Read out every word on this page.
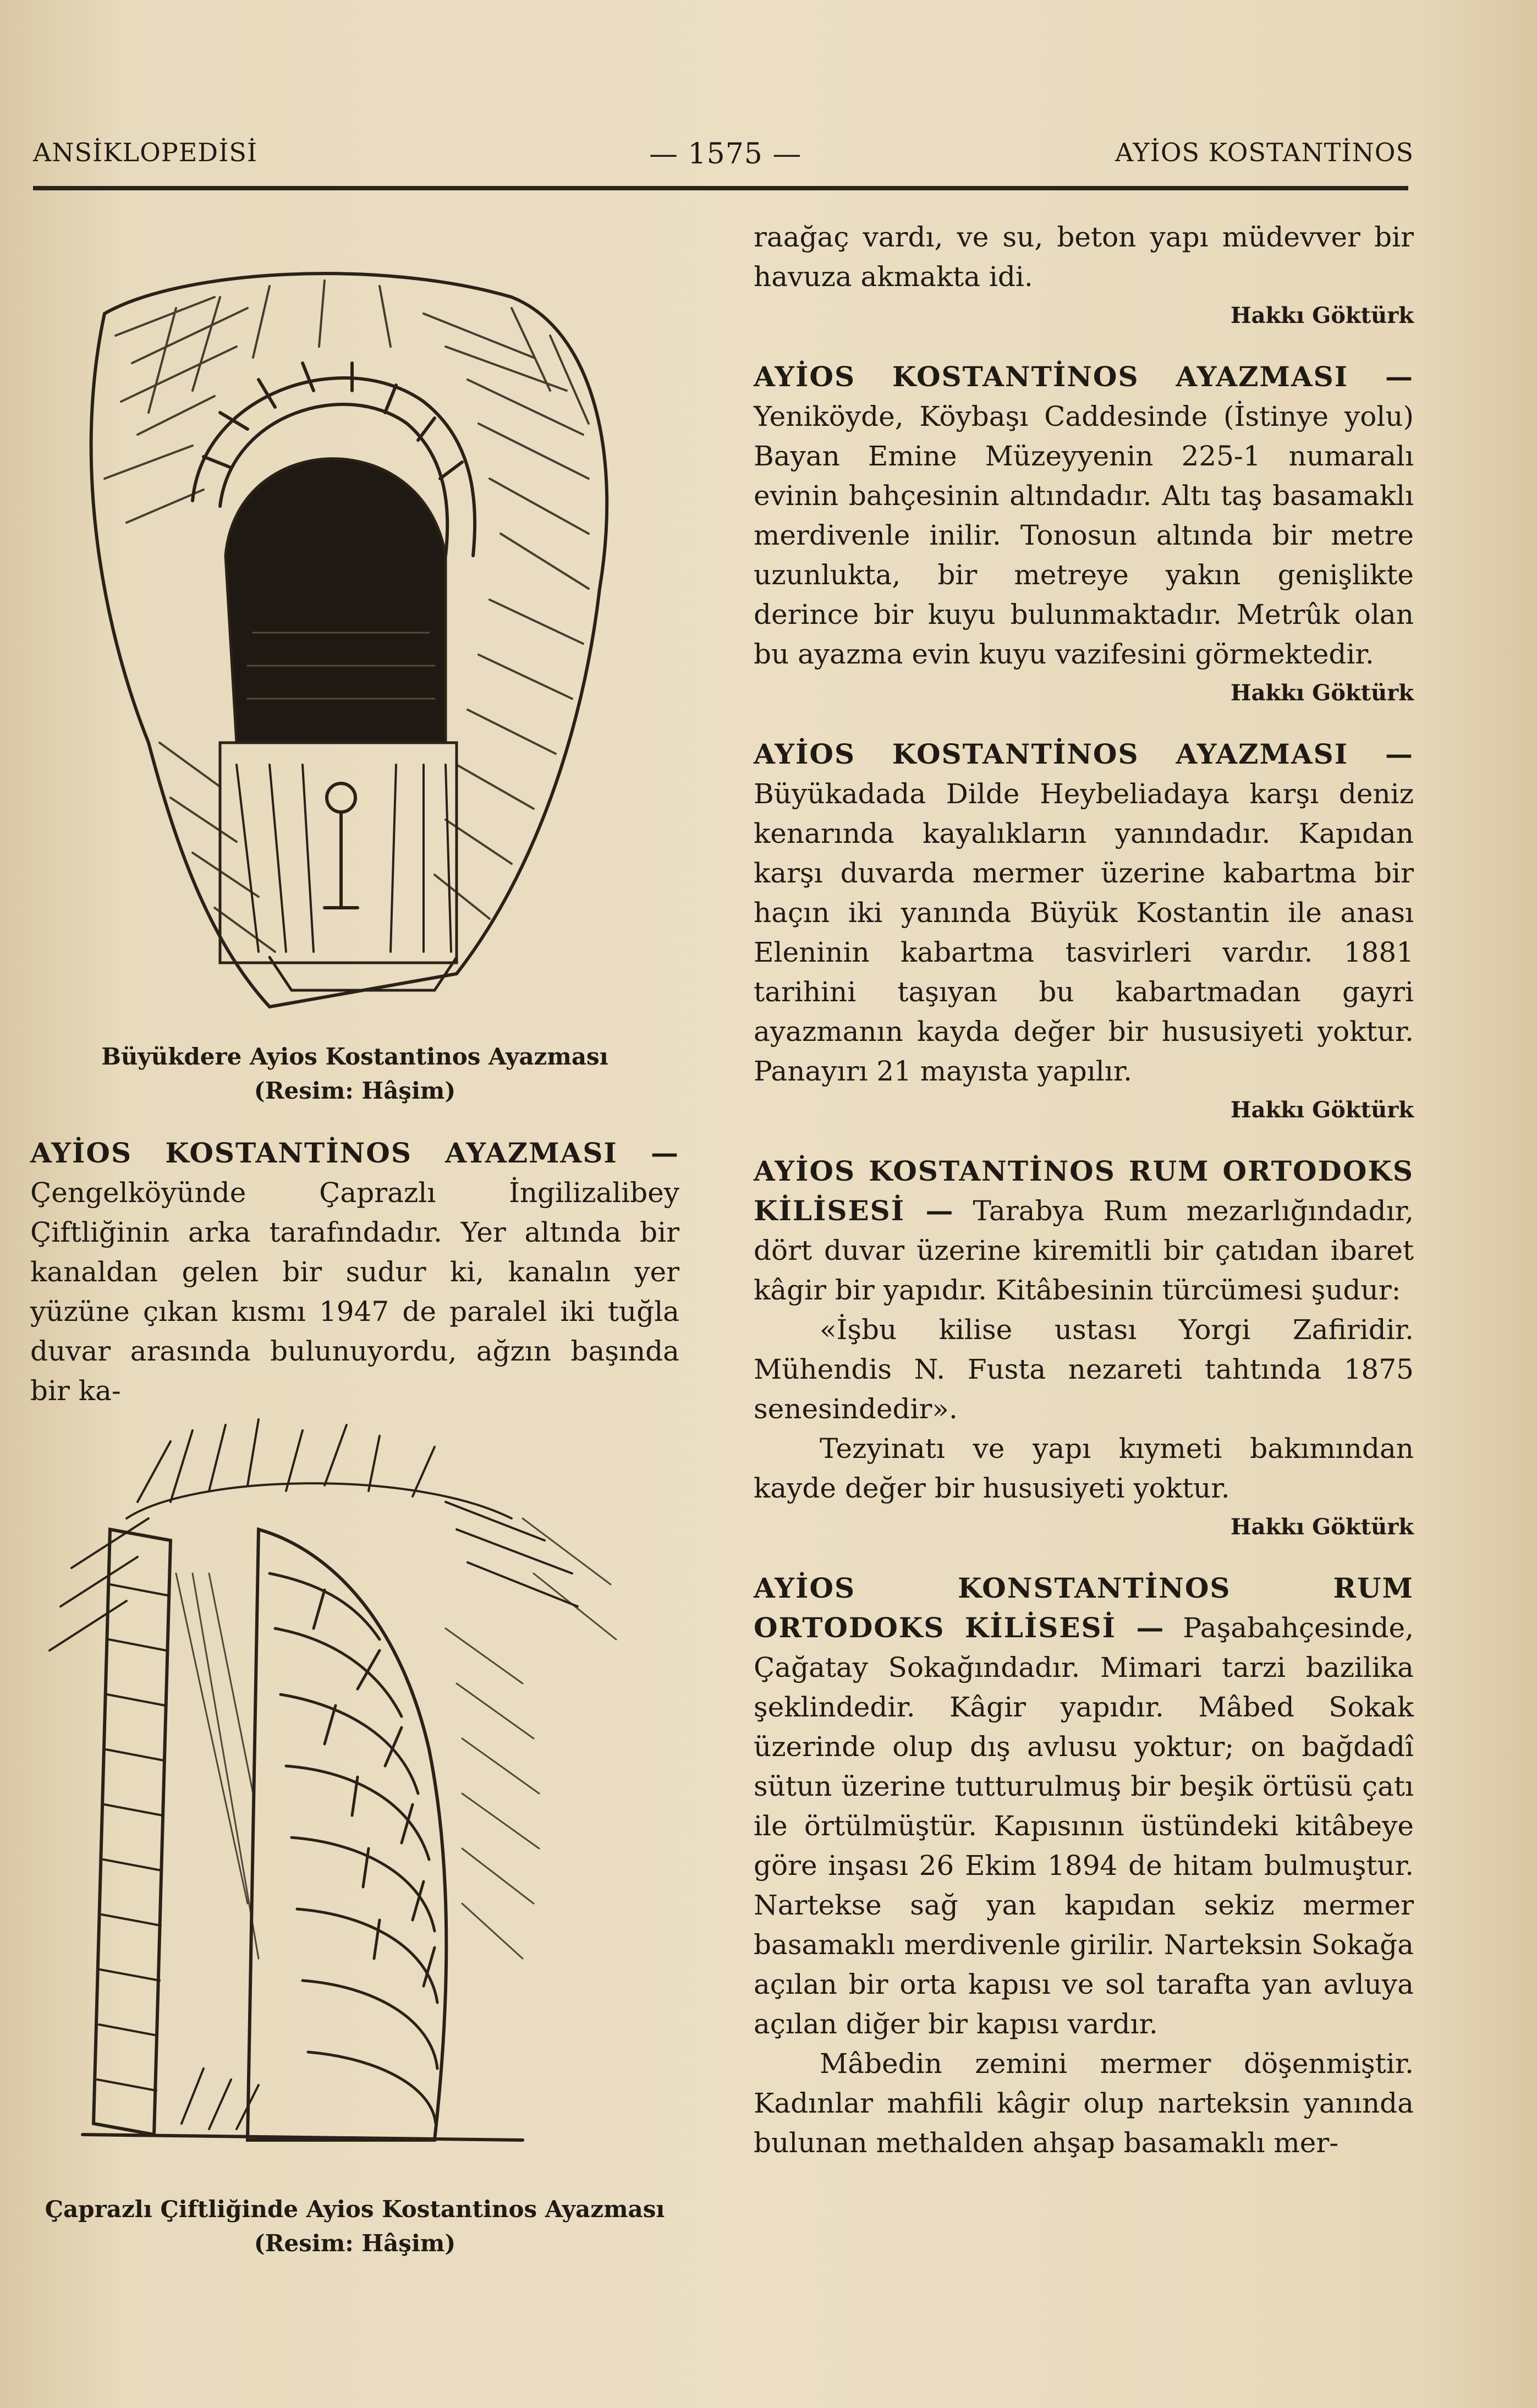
ANSİKLOPEDİSİ	— 1575 —	AYİOS KOSTANTİNOS

Büyükdere Ayios Kostantinos Ayazması
(Resim: Hâşim)

AYİOS KOSTANTİNOS AYAZMASI — Çengelköyünde Çaprazlı İngilizalibey Çiftliğinin arka tarafındadır. Yer altında bir kanaldan gelen bir sudur ki, kanalın yer yüzüne çıkan kısmı 1947 de paralel iki tuğla duvar arasında bulunuyordu, ağzın başında bir ka-

Çaprazlı Çiftliğinde Ayios Kostantinos Ayazması
(Resim: Hâşim)

raağaç vardı, ve su, beton yapı müdevver bir havuza akmakta idi.

Hakkı Göktürk

AYİOS KOSTANTİNOS AYAZMASI — Yeniköyde, Köybaşı Caddesinde (İstinye yolu) Bayan Emine Müzeyyenin 225-1 numaralı evinin bahçesinin altındadır. Altı taş basamaklı merdivenle inilir. Tonosun altında bir metre uzunlukta, bir metreye yakın genişlikte derince bir kuyu bulunmaktadır. Metrûk olan bu ayazma evin kuyu vazifesini görmektedir.

Hakkı Göktürk

AYİOS KOSTANTİNOS AYAZMASI — Büyükadada Dilde Heybeliadaya karşı deniz kenarında kayalıkların yanındadır. Kapıdan karşı duvarda mermer üzerine kabartma bir haçın iki yanında Büyük Kostantin ile anası Eleninin kabartma tasvirleri vardır. 1881 tarihini taşıyan bu kabartmadan gayri ayazmanın kayda değer bir hususiyeti yoktur. Panayırı 21 mayısta yapılır.

Hakkı Göktürk

AYİOS KOSTANTİNOS RUM ORTODOKS KİLİSESİ — Tarabya Rum mezarlığındadır, dört duvar üzerine kiremitli bir çatıdan ibaret kâgir bir yapıdır. Kitâbesinin türcümesi şudur:

«İşbu kilise ustası Yorgi Zafiridir. Mühendis N. Fusta nezareti tahtında 1875 senesindedir».

Tezyinatı ve yapı kıymeti bakımından kayde değer bir hususiyeti yoktur.

Hakkı Göktürk

AYİOS KONSTANTİNOS RUM ORTODOKS KİLİSESİ — Paşabahçesinde, Çağatay Sokağındadır. Mimari tarzi bazilika şeklindedir. Kâgir yapıdır. Mâbed Sokak üzerinde olup dış avlusu yoktur; on bağdadî sütun üzerine tutturulmuş bir beşik örtüsü çatı ile örtülmüştür. Kapısının üstündeki kitâbeye göre inşası 26 Ekim 1894 de hitam bulmuştur. Nartekse sağ yan kapıdan sekiz mermer basamaklı merdivenle girilir. Narteksin Sokağa açılan bir orta kapısı ve sol tarafta yan avluya açılan diğer bir kapısı vardır.

Mâbedin zemini mermer döşenmiştir. Kadınlar mahfili kâgir olup narteksin yanında bulunan methalden ahşap basamaklı mer-
